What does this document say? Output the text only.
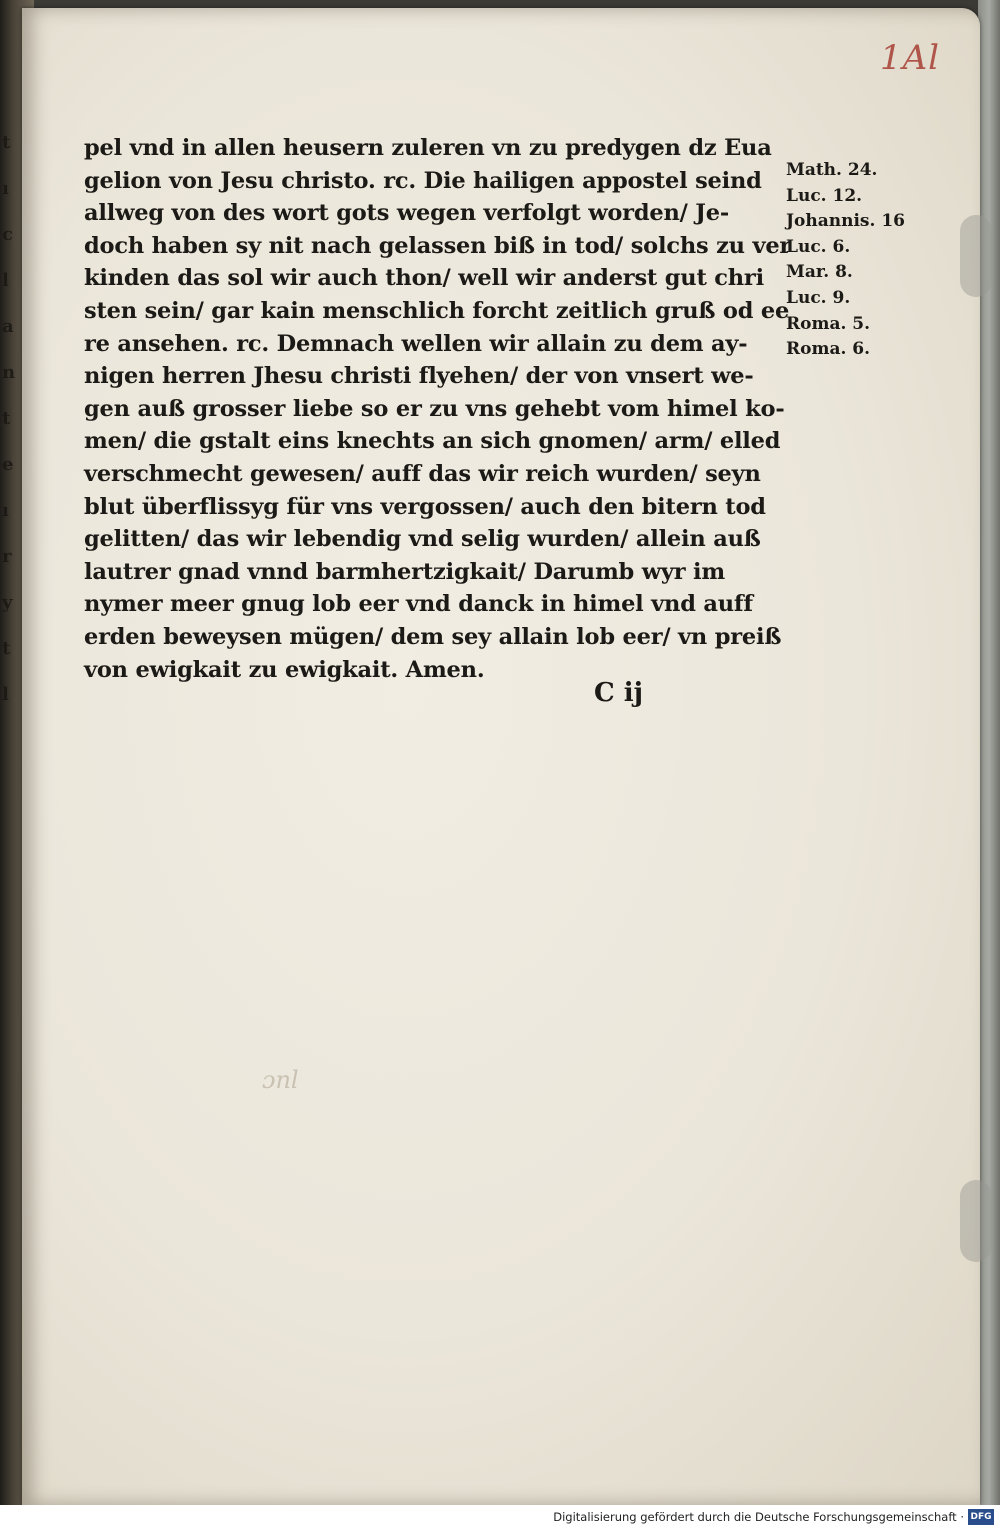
t
ı
c
l
a
n
t
e
ı
r
y
t
l
1Al
pel vnd in allen heusern zuleren vn zu predygen dz Eua
gelion von Jesu christo. rc. Die hailigen appostel seind
allweg von des wort gots wegen verfolgt worden/ Je-
doch haben sy nit nach gelassen biß in tod/ solchs zu ver
kinden das sol wir auch thon/ well wir anderst gut chri
sten sein/ gar kain menschlich forcht zeitlich gruß od ee
re ansehen. rc. Demnach wellen wir allain zu dem ay-
nigen herren Jhesu christi flyehen/ der von vnsert we-
gen auß grosser liebe so er zu vns gehebt vom himel ko-
men/ die gstalt eins knechts an sich gnomen/ arm/ elled
verschmecht gewesen/ auff das wir reich wurden/ seyn
blut überflissyg für vns vergossen/ auch den bitern tod
gelitten/ das wir lebendig vnd selig wurden/ allein auß
lautrer gnad vnnd barmhertzigkait/ Darumb wyr im
nymer meer gnug lob eer vnd danck in himel vnd auff
erden beweysen mügen/ dem sey allain lob eer/ vn preiß
von ewigkait zu ewigkait. Amen.
C ij
Math. 24.
Luc. 12.
Johannis. 16
Luc. 6.
Mar. 8.
Luc. 9.
Roma. 5.
Roma. 6.
ɔnl
Digitalisierung gefördert durch die Deutsche Forschungsgemeinschaft · DFG
